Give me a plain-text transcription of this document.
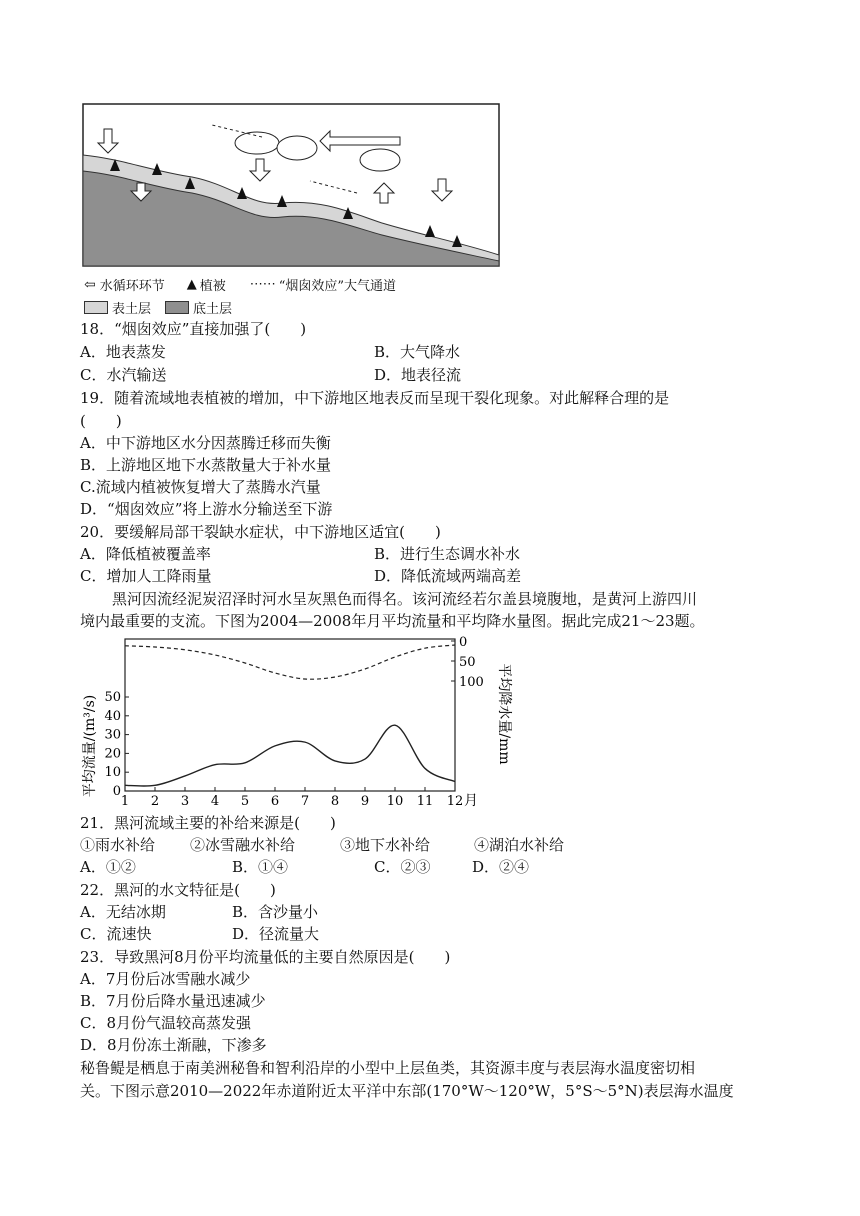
⇦ 水循环环节 ▲ 植被 ⋯⋯ “烟囱效应”大气通道
表土层	底土层
18．“烟囱效应”直接加强了(　　)
A．地表蒸发	B．大气降水
C．水汽输送	D．地表径流
19．随着流域地表植被的增加，中下游地区地表反而呈现干裂化现象。对此解释合理的是
(　　)
A．中下游地区水分因蒸腾迁移而失衡
B．上游地区地下水蒸散量大于补水量
C.流域内植被恢复增大了蒸腾水汽量
D．“烟囱效应”将上游水分输送至下游
20．要缓解局部干裂缺水症状，中下游地区适宜(　　)
A．降低植被覆盖率	B．进行生态调水补水
C．增加人工降雨量	D．降低流域两端高差
黑河因流经泥炭沼泽时河水呈灰黑色而得名。该河流经若尔盖县境腹地，是黄河上游四川
境内最重要的支流。下图为2004—2008年月平均流量和平均降水量图。据此完成21～23题。
1 2 3 4 5 6 7 8 9 10 11 12
0
10
20
30
40
50
0
50
100
平均流量/(m³/s)	平均降水量/mm
月
21．黑河流域主要的补给来源是(　　)
①雨水补给 ②冰雪融水补给	③地下水补给	④湖泊水补给
A．①②	B．①④	C．②③	D．②④
22．黑河的水文特征是(　　)
A．无结冰期	B．含沙量小
C．流速快	D．径流量大
23．导致黑河8月份平均流量低的主要自然原因是(　　)
A．7月份后冰雪融水减少
B．7月份后降水量迅速减少
C．8月份气温较高蒸发强
D．8月份冻土渐融，下渗多
秘鲁鳀是栖息于南美洲秘鲁和智利沿岸的小型中上层鱼类，其资源丰度与表层海水温度密切相
关。下图示意2010—2022年赤道附近太平洋中东部(170°W～120°W，5°S～5°N)表层海水温度
